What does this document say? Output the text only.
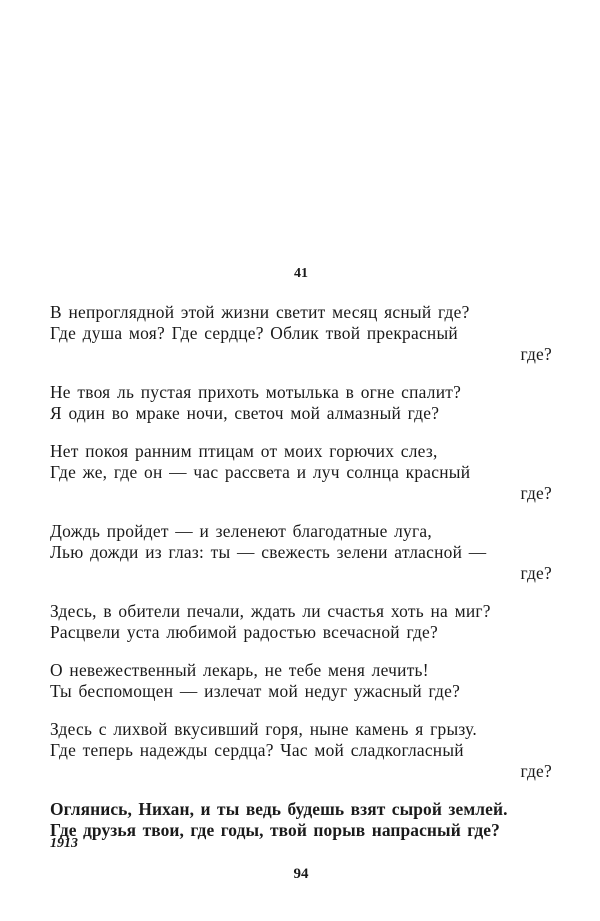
41
В непроглядной этой жизни светит месяц ясный где?
Где душа моя? Где сердце? Облик твой прекрасный
где?
Не твоя ль пустая прихоть мотылька в огне спалит?
Я один во мраке ночи, светоч мой алмазный где?
Нет покоя ранним птицам от моих горючих слез,
Где же, где он — час рассвета и луч солнца красный
где?
Дождь пройдет — и зеленеют благодатные луга,
Лью дожди из глаз: ты — свежесть зелени атласной —
где?
Здесь, в обители печали, ждать ли счастья хоть на миг?
Расцвели уста любимой радостью всечасной где?
О невежественный лекарь, не тебе меня лечить!
Ты беспомощен — излечат мой недуг ужасный где?
Здесь с лихвой вкусивший горя, ныне камень я грызу.
Где теперь надежды сердца? Час мой сладкогласный
где?
Оглянись, Нихан, и ты ведь будешь взят сырой землей.
Где друзья твои, где годы, твой порыв напрасный где?
1913
94
